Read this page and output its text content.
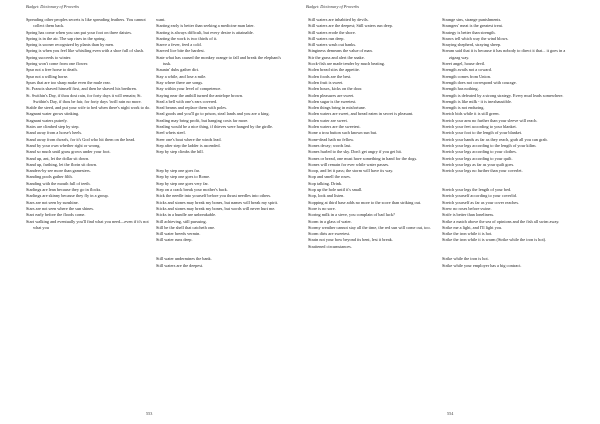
Budget: Dictionary of Proverbs

Spreading other peoples secrets is like spreading feathers. You cannot collect them back.

Spring has come when you can put your foot on three daisies.

Spring is in the air. The sap rises in the spring.

Spring is sooner recognized by plants than by men.

Spring is when you feel like whistling even with a shoe full of slush.

Spring succeeds to winter.

Spring won't come from one flower.

Spur not a free horse to death.

Spur not a willing horse.

Spurs that are too sharp make even the mule rear.

St. Francis shaved himself first, and then he shaved his brethren.

St. Swithin's Day, if thou dost rain, for forty days it will remain; St. Swithin's Day, if thou be fair, for forty days 'twill rain no more.

Stable the steed, and put your wife to bed when there's night work to do.

Stagnant water grows stinking.

Stagnant waters putrefy.

Stairs are climbed step by step.

Stand away from a horse's heels.

Stand away from dwarfs, for it's God who hit them on the head.

Stand by your own whether right or wrong.

Stand so much until grass grows under your foot.

Stand up, ant, let the dollar sit down.

Stand up, farthing, let the florin sit down.

Standers-by see more than gamesters.

Standing pools gather filth.

Standing with the mouth full of teeth.

Starlings are lean because they go in flocks.

Starlings are skinny because they fly in a group.

Stars are not seen by sunshine.

Stars are not seen where the sun shines.

Start early before the floods come.

Start walking and eventually you'll find what you need—even if it's not what you

want.

Starting early is better than seeking a medicine man later.

Starting is always difficult, but every desire is attainable.

Starting the work is two thirds of it.

Starve a fever, feed a cold.

Starved lice bite the hardest.

State what has caused the monkey orange to fall and break the elephant's tusk.

Staunin' dubs gather dirt.

Stay a while, and lose a mile.

Stay where there are songs.

Stay within your level of competence.

Staying near the anthill turned the antelope brown.

Steal a bell with one's ears covered.

Steal beams and replace them with poles.

Steal goods and you'll go to prison, steal lands and you are a king.

Stealing may bring profit, but hanging costs far more.

Stealing would be a nice thing, if thieves were hanged by the girdle.

Steel whets steel.

Steer one's boat where the winds lead.

Step after step the ladder is ascended.

Step by step climbs the hill.

Step by step one goes far.

Step by step one goes to Rome.

Step by step one goes very far.

Step on a crack break your mother's back.

Stick the needle into yourself before you thrust needles into others.

Sticks and stones may break my bones, but names will break my spirit.

Sticks and stones may break my bones, but words will never hurt me.

Sticks in a bundle are unbreakable.

Still achieving, still pursuing.

Still be the shell that catcheth one.

Still water breeds vermin.

Still water runs deep.

Still water undermines the bank.

Still waters are the deepest.

553
Budget: Dictionary of Proverbs

Still waters are inhabited by devils.

Still waters are the deepest; Still waters run deep.

Still waters erode the shore.

Still waters run deep.

Still waters wash out banks.

Stinginess demeans the value of man.

Stir the grass and alert the snake.

Stock-fish are made tender by much beating.

Stolen bread stirs the appetite.

Stolen foods are the best.

Stolen fruit is sweet.

Stolen hours, kicks on the door.

Stolen pleasures are sweet.

Stolen sugar is the sweetest.

Stolen things bring in misfortune.

Stolen waters are sweet, and bread eaten in secret is pleasant.

Stolen water are sweet.

Stolen waters are the sweetest.

Stone a trou button such known sun but.

Stone-dead hath no fellow.

Stones decay; words last.

Stones hurled to the sky. Don't get angry if you get hit.

Stones or bread, one must have something in hand for the dogs.

Stones will remain for ever while water passes.

Stoop, and let it pass; the storm will have its way.

Stop and smell the roses.

Stop talking. Drink.

Stop up the hole until it's small.

Stop, look and listen.

Stopping at third base adds no more to the score than striking out.

Store is no sore.

Storing milk in a sieve, you complain of bad luck?

Storm in a glass of water.

Stormy weather cannot stay all the time, the red sun will come out, too.

Storm dirts are sweetest.

Strain not your bow beyond its bent, lest it break.

Straitened circumstances.

Strange sins, strange punishments.

Strangers' meat is the greatest treat.

Strategy is better than strength.

Straws tell which way the wind blows.

Straying shepherd, straying sheep.

Stream said that it is because it has nobody to direct it that... it goes in a zigzag way.

Street angel, house devil.

Strength avails not a coward.

Strength comes from Union.

Strength does not correspond with courage.

Strength has nothing.

Strength is defeated by a strong strategy. Every mud leads somewhere.

Strength is like milk - it is inexhaustible.

Strength is not enduring.

Stretch bids while it is still green.

Stretch your arm no further than your sleeve will reach.

Stretch your feet according to your blanket.

Stretch your foot to the length of your blanket.

Stretch your hands as far as they reach, grab all you can grab.

Stretch your legs according to the length of your kilim.

Stretch your legs according to your clothes.

Stretch your legs according to your quilt.

Stretch your legs as far as your quilt goes.

Stretch your legs no further than your coverlet.

Stretch your legs the length of your bed.

Stretch yourself according to your coverlid.

Stretch yourself as far as your cover reaches.

Strew no roses before swine.

Strife is better than loneliness.

Strike a match above the sea of opinions and the fish all swim away.

Strike me a light, and I'll light you.

Strike the iron while it is hot.

Strike the iron while it is warm (Strike while the iron is hot).

Strike while the iron is hot.

Strike while your employer has a big contract.

554
